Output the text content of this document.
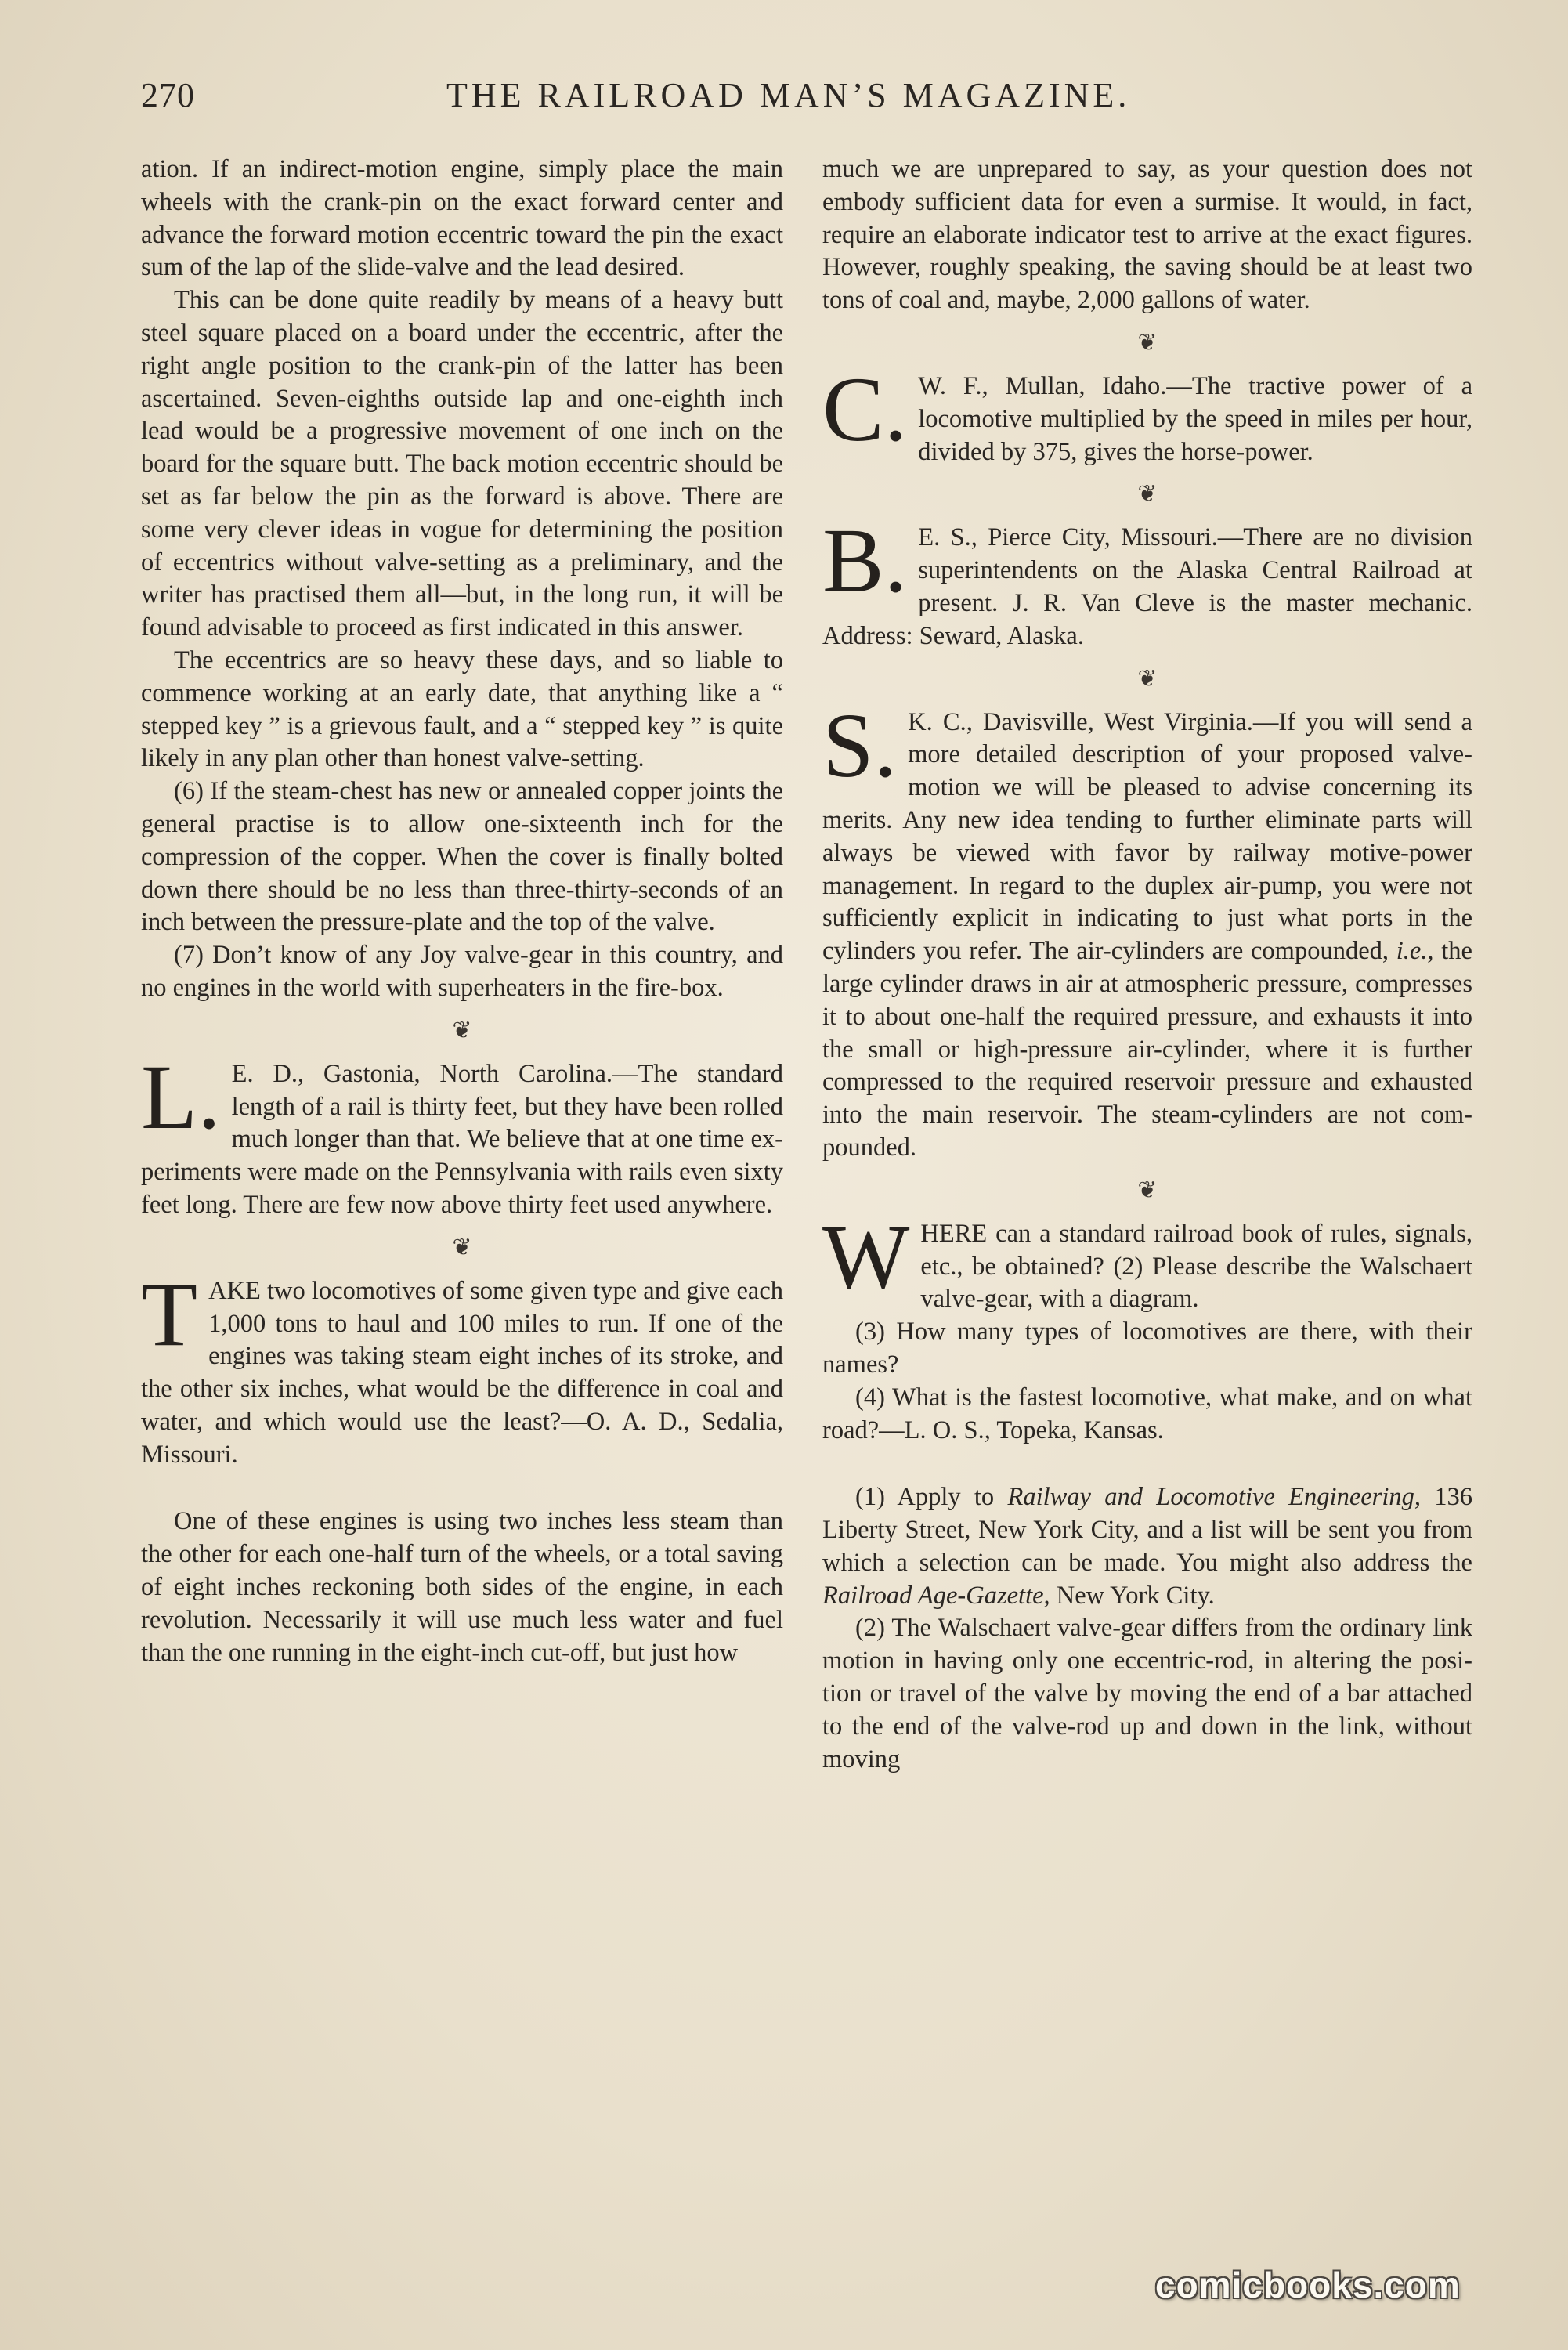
270	THE RAILROAD MAN’S MAGAZINE.

ation. If an indirect-motion engine, simply place the main wheels with the crank-pin on the exact forward center and advance the forward motion eccentric toward the pin the exact sum of the lap of the slide-valve and the lead desired.

This can be done quite readily by means of a heavy butt steel square placed on a board under the eccentric, after the right angle position to the crank-pin of the latter has been ascertained. Seven-eighths outside lap and one-eighth inch lead would be a progressive movement of one inch on the board for the square butt. The back motion eccentric should be set as far below the pin as the forward is above. There are some very clever ideas in vogue for determining the position of eccentrics without valve-setting as a preliminary, and the writer has practised them all—but, in the long run, it will be found advisable to proceed as first indicated in this answer.

The eccentrics are so heavy these days, and so liable to commence working at an early date, that anything like a “ stepped key ” is a grievous fault, and a “ stepped key ” is quite likely in any plan other than honest valve-setting.

(6) If the steam-chest has new or annealed copper joints the general practise is to allow one-sixteenth inch for the compression of the copper. When the cover is finally bolted down there should be no less than three-thirty-seconds of an inch between the pressure-plate and the top of the valve.

(7) Don’t know of any Joy valve-gear in this country, and no engines in the world with superheaters in the fire-box.

❦

L. E. D., Gastonia, North Carolina.—The standard length of a rail is thirty feet, but they have been rolled much longer than that. We believe that at one time experiments were made on the Pennsylvania with rails even sixty feet long. There are few now above thirty feet used anywhere.

❦

TAKE two locomotives of some given type and give each 1,000 tons to haul and 100 miles to run. If one of the engines was taking steam eight inches of its stroke, and the other six inches, what would be the difference in coal and water, and which would use the least?—O. A. D., Sedalia, Missouri.

One of these engines is using two inches less steam than the other for each one-half turn of the wheels, or a total saving of eight inches reckoning both sides of the engine, in each revolution. Necessarily it will use much less water and fuel than the one running in the eight-inch cut-off, but just how

much we are unprepared to say, as your question does not embody sufficient data for even a surmise. It would, in fact, require an elaborate indicator test to arrive at the exact figures. However, roughly speaking, the saving should be at least two tons of coal and, maybe, 2,000 gallons of water.

❦

C. W. F., Mullan, Idaho.—The tractive power of a locomotive multiplied by the speed in miles per hour, divided by 375, gives the horse-power.

❦

B. E. S., Pierce City, Missouri.—There are no division superintendents on the Alaska Central Railroad at present. J. R. Van Cleve is the master mechanic. Address: Seward, Alaska.

❦

S. K. C., Davisville, West Virginia.—If you will send a more detailed description of your proposed valve-motion we will be pleased to advise concerning its merits. Any new idea tending to further eliminate parts will always be viewed with favor by railway motive-power management. In regard to the duplex air-pump, you were not sufficiently explicit in indicating to just what ports in the cylinders you refer. The air-cylinders are compounded, i.e., the large cylinder draws in air at atmospheric pressure, compresses it to about one-half the required pressure, and exhausts it into the small or high-pressure air-cylinder, where it is further compressed to the required reservoir pressure and exhausted into the main reservoir. The steam-cylinders are not compounded.

❦

WHERE can a standard railroad book of rules, signals, etc., be obtained? (2) Please describe the Walschaert valve-gear, with a diagram.

(3) How many types of locomotives are there, with their names?

(4) What is the fastest locomotive, what make, and on what road?—L. O. S., Topeka, Kansas.

(1) Apply to Railway and Locomotive Engineering, 136 Liberty Street, New York City, and a list will be sent you from which a selection can be made. You might also address the Railroad Age-Gazette, New York City.

(2) The Walschaert valve-gear differs from the ordinary link motion in having only one eccentric-rod, in altering the position or travel of the valve by moving the end of a bar attached to the end of the valve-rod up and down in the link, without moving

comicbooks.com
